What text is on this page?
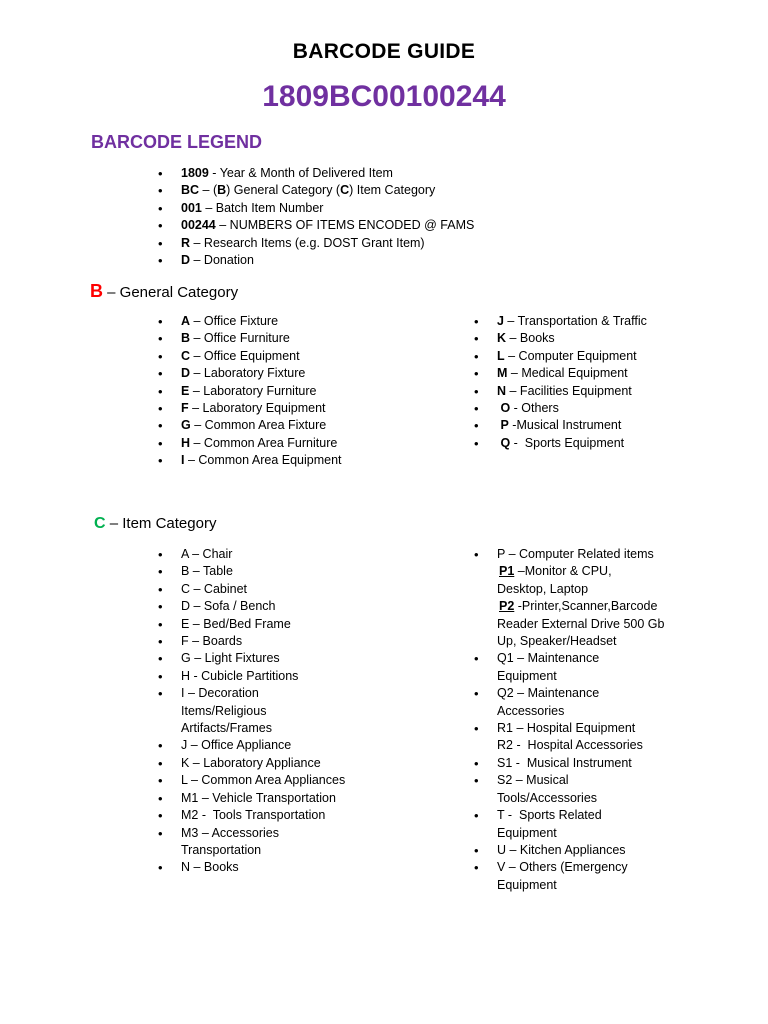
BARCODE GUIDE
1809BC00100244
BARCODE LEGEND
• 1809 - Year & Month of Delivered Item
• BC – (B) General Category (C) Item Category
• 001 – Batch Item Number
• 00244 – NUMBERS OF ITEMS ENCODED @ FAMS
• R – Research Items (e.g. DOST Grant Item)
• D – Donation
B – General Category
• A – Office Fixture
• B – Office Furniture
• C – Office Equipment
• D – Laboratory Fixture
• E – Laboratory Furniture
• F – Laboratory Equipment
• G – Common Area Fixture
• H – Common Area Furniture
• I – Common Area Equipment
• J – Transportation & Traffic
• K – Books
• L – Computer Equipment
• M – Medical Equipment
• N – Facilities Equipment
•  O - Others
•  P -Musical Instrument
•  Q -  Sports Equipment
C – Item Category
• A – Chair
• B – Table
• C – Cabinet
• D – Sofa / Bench
• E – Bed/Bed Frame
• F – Boards
• G – Light Fixtures
• H - Cubicle Partitions
• I – Decoration
Items/Religious
Artifacts/Frames
• J – Office Appliance
• K – Laboratory Appliance
• L – Common Area Appliances
• M1 – Vehicle Transportation
• M2 -  Tools Transportation
• M3 – Accessories
Transportation
• N – Books
• P – Computer Related items
P1 –Monitor & CPU,
Desktop, Laptop
P2 -Printer,Scanner,Barcode
Reader External Drive 500 Gb
Up, Speaker/Headset
• Q1 – Maintenance
Equipment
• Q2 – Maintenance
Accessories
• R1 – Hospital Equipment
R2 -  Hospital Accessories
• S1 -  Musical Instrument
• S2 – Musical
Tools/Accessories
• T -  Sports Related
Equipment
• U – Kitchen Appliances
• V – Others (Emergency
Equipment
